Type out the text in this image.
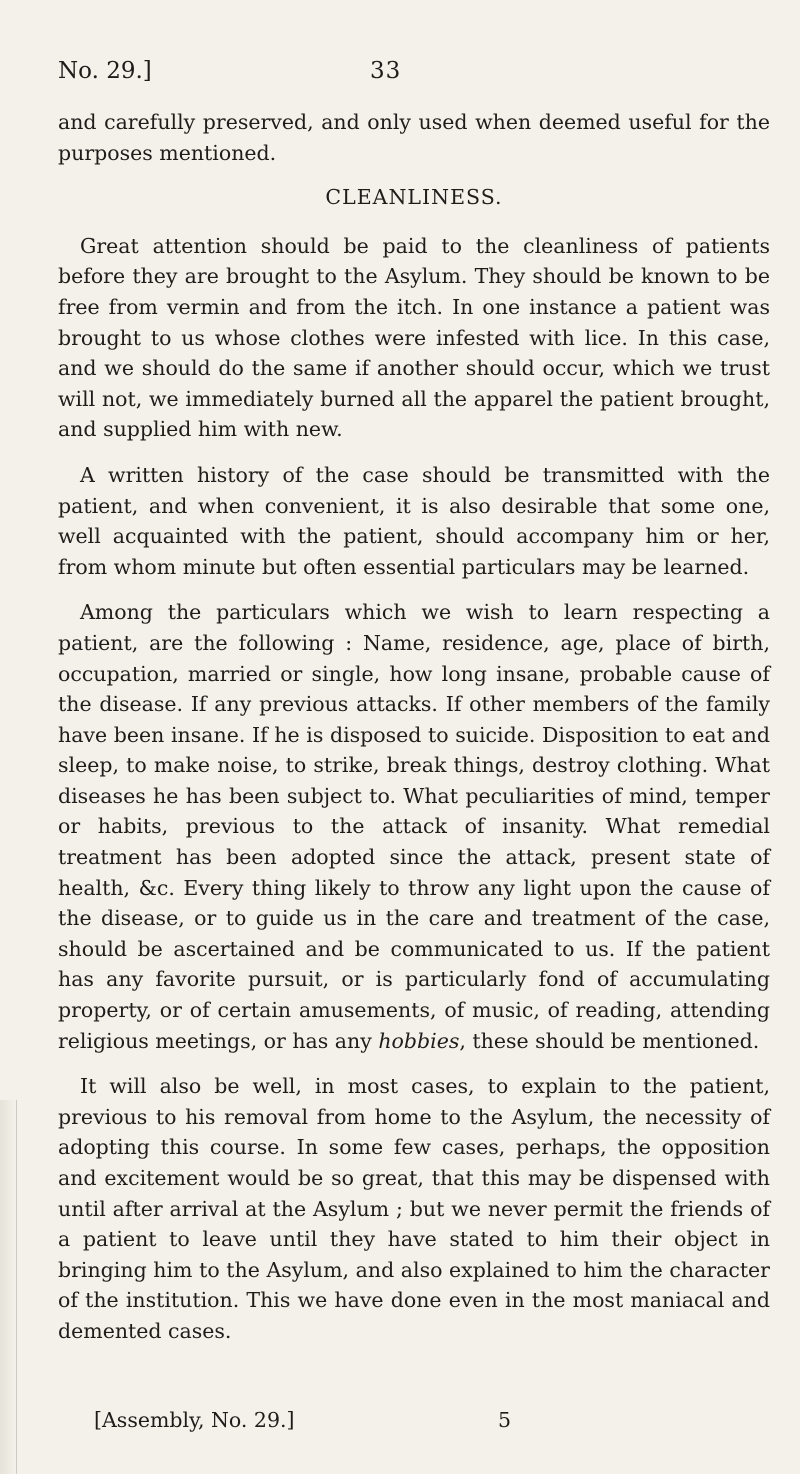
No. 29.]	33

and carefully preserved, and only used when deemed useful for the purposes mentioned.

CLEANLINESS.

Great attention should be paid to the cleanliness of patients before they are brought to the Asylum. They should be known to be free from vermin and from the itch. In one instance a patient was brought to us whose clothes were infested with lice. In this case, and we should do the same if another should occur, which we trust will not, we immediately burned all the apparel the patient brought, and supplied him with new.

A written history of the case should be transmitted with the patient, and when convenient, it is also desirable that some one, well acquainted with the patient, should accompany him or her, from whom minute but often essential particulars may be learned.

Among the particulars which we wish to learn respecting a patient, are the following : Name, residence, age, place of birth, occupation, married or single, how long insane, probable cause of the disease. If any previous attacks. If other members of the family have been insane. If he is disposed to suicide. Disposition to eat and sleep, to make noise, to strike, break things, destroy clothing. What diseases he has been subject to. What peculiarities of mind, temper or habits, previous to the attack of insanity. What remedial treatment has been adopted since the attack, present state of health, &c. Every thing likely to throw any light upon the cause of the disease, or to guide us in the care and treatment of the case, should be ascertained and be communicated to us. If the patient has any favorite pursuit, or is particularly fond of accumulating property, or of certain amusements, of music, of reading, attending religious meetings, or has any hobbies, these should be mentioned.

It will also be well, in most cases, to explain to the patient, previous to his removal from home to the Asylum, the necessity of adopting this course. In some few cases, perhaps, the opposition and excitement would be so great, that this may be dispensed with until after arrival at the Asylum ; but we never permit the friends of a patient to leave until they have stated to him their object in bringing him to the Asylum, and also explained to him the character of the institution. This we have done even in the most maniacal and demented cases.

[Assembly, No. 29.]	5
